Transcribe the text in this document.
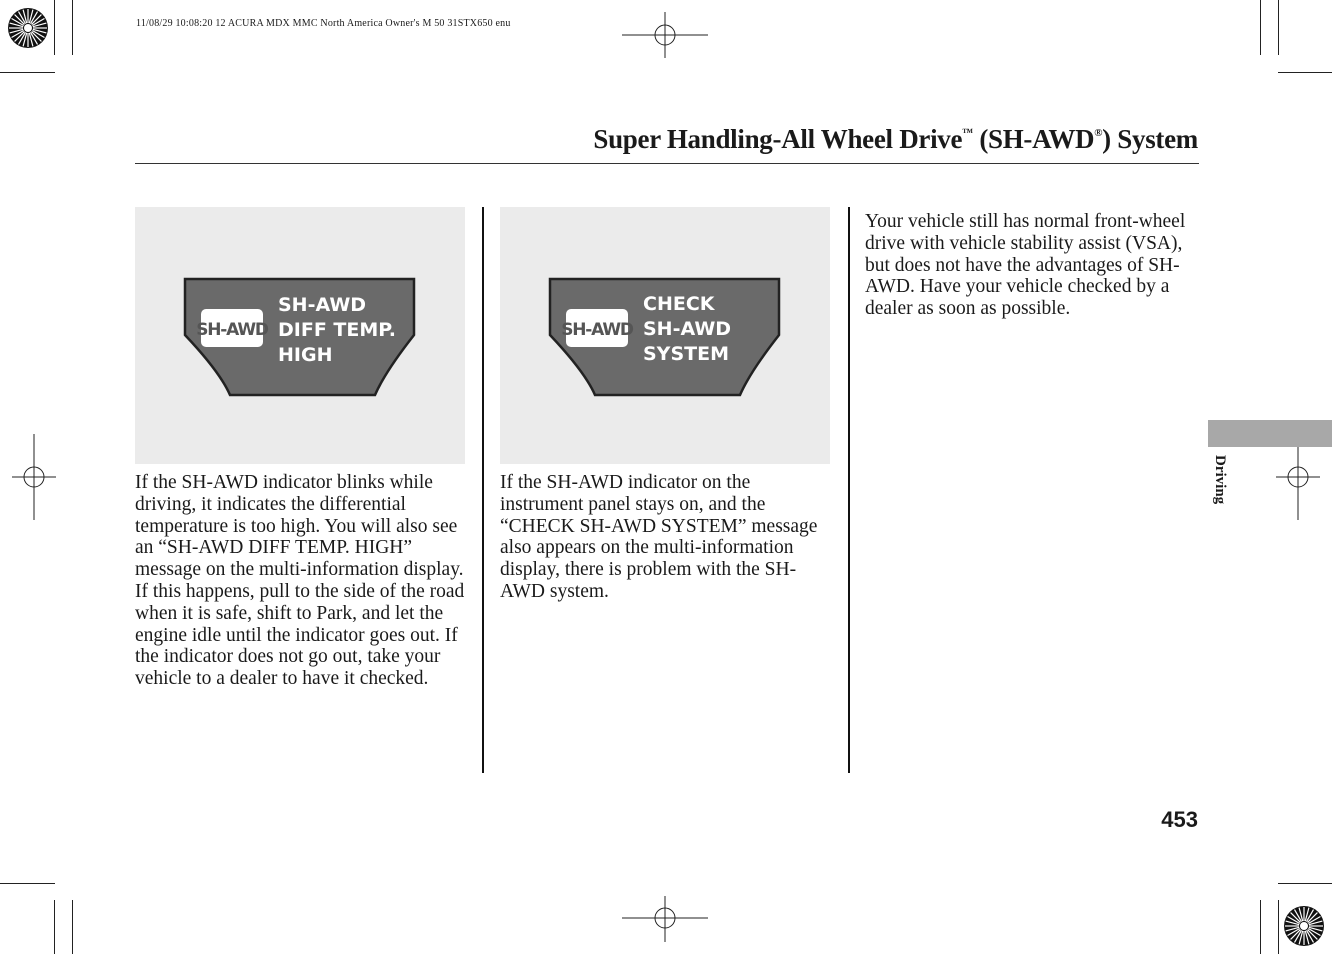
11/08/29 10:08:20 12 ACURA MDX MMC North America Owner's M 50 31STX650 enu
Super Handling-All Wheel Drive™ (SH-AWD®) System
SH-AWD
SH-AWD
DIFF TEMP.
HIGH
SH-AWD
CHECK
SH-AWD
SYSTEM
If the SH-AWD indicator blinks while driving, it indicates the differential temperature is too high. You will also see an “SH-AWD DIFF TEMP. HIGH” message on the multi-information display. If this happens, pull to the side of the road when it is safe, shift to Park, and let the engine idle until the indicator goes out. If the indicator does not go out, take your vehicle to a dealer to have it checked.
If the SH-AWD indicator on the instrument panel stays on, and the “CHECK SH-AWD SYSTEM” message also appears on the multi-information display, there is problem with the SH-AWD system.
Your vehicle still has normal front-wheel drive with vehicle stability assist (VSA), but does not have the advantages of SH-AWD. Have your vehicle checked by a dealer as soon as possible.
Driving
453
